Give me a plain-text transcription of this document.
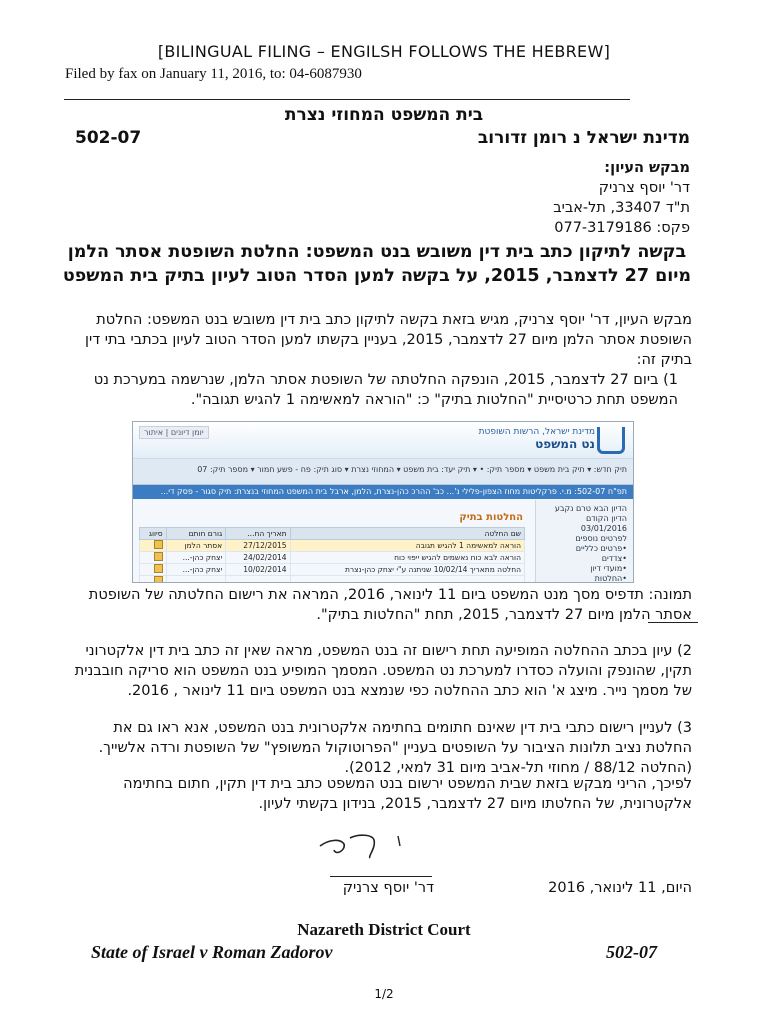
[BILINGUAL FILING – ENGILSH FOLLOWS THE HEBREW]
Filed by fax on January 11, 2016, to: 04-6087930
בית המשפט המחוזי נצרת
502-07	מדינת ישראל נ רומן זדורוב
מבקש העיון:
דר' יוסף צרניק
ת"ד 33407, תל-אביב
פקס: 077-3179186
בקשה לתיקון כתב בית דין משובש בנט המשפט: החלטת השופטת אסתר הלמן מיום 27 לדצמבר, 2015, על בקשה למען הסדר הטוב לעיון בתיק בית המשפט
מבקש העיון, דר' יוסף צרניק, מגיש בזאת בקשה לתיקון כתב בית דין משובש בנט המשפט: החלטת השופטת אסתר הלמן מיום 27 לדצמבר, 2015, בעניין בקשתו למען הסדר הטוב לעיון בכתבי בתי דין בתיק זה:
1) ביום 27 לדצמבר, 2015, הונפקה החלטתה של השופטת אסתר הלמן, שנרשמה במערכת נט המשפט תחת כרטיסיית "החלטות בתיק" כ: "הוראה למאשימה 1 להגיש תגובה".
מדינת ישראל, הרשות השופטת
נט המשפט
יומן דיונים | איתור
תיק חדש: ▾ תיק בית משפט ▾ מספר תיק: • ▾ תיק יעד: בית משפט ▾ המחוזי נצרת ▾ סוג תיק: פח - פשע חמור ▾ מספר תיק: 07
תפ"ח 502-07: מ.י. פרקליטות מחוז הצפון-פלילי נ'... כב' ההרכ כהן-נצרת, הלמן, ארבל בית המשפט המחוזי בנצרת: תיק סגור - פסק די...
הדיון הבא טרם נקבע
הדיון הקודם 03/01/2016
לפרטים נוספים
•פרטים כלליים
•צדדים
•מועדי דיון
•החלטות
החלטות בתיק
שם החלטה	תאריך הח...	גורם חותם	סיווג
הוראה למאשימה 1 להגיש תגובה	27/12/2015	אסתר הלמן	
הוראה לבא כוח נאשמים להגיש ייפוי כוח	24/02/2014	יצחק כהן-...	
החלטה מתאריך 10/02/14 שניתנה ע"י יצחק כהן-נצרת	10/02/2014	יצחק כהן-...	

תמונה: תדפיס מסך מנט המשפט ביום 11 לינואר, 2016, המראה את רישום החלטתה של השופטת אסתר הלמן מיום 27 לדצמבר, 2015, תחת "החלטות בתיק".
2) עיון בכתב ההחלטה המופיעה תחת רישום זה בנט המשפט, מראה שאין זה כתב בית דין אלקטרוני תקין, שהונפק והועלה כסדרו למערכת נט המשפט. המסמך המופיע בנט המשפט הוא סריקה חובבנית של מסמך נייר. מיצג א' הוא כתב ההחלטה כפי שנמצא בנט המשפט ביום 11 לינואר , 2016.
3) לעניין רישום כתבי בית דין שאינם חתומים בחתימה אלקטרונית בנט המשפט, אנא ראו גם את החלטת נציב תלונות הציבור על השופטים בעניין "הפרוטוקול המשופץ" של השופטת ורדה אלשייך. (החלטה 88/12 / מחוזי תל-אביב מיום 31 למאי, 2012).
לפיכך, הריני מבקש בזאת שבית המשפט ירשום בנט המשפט כתב בית דין תקין, חתום בחתימה אלקטרונית, של החלטתו מיום 27 לדצמבר, 2015, בנידון בקשתי לעיון.
דר' יוסף צרניק	היום, 11 לינואר, 2016
Nazareth District Court
State of Israel v Roman Zadorov	502-07
1/2
